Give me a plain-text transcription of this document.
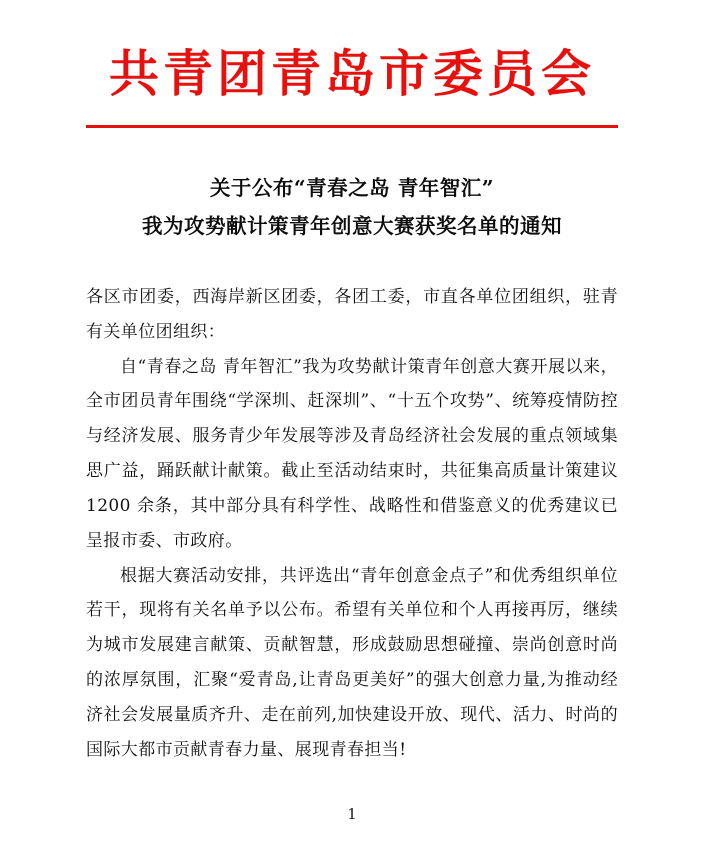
共青团青岛市委员会
关于公布“青春之岛 青年智汇”
我为攻势献计策青年创意大赛获奖名单的通知

各区市团委，西海岸新区团委，各团工委，市直各单位团组织，驻青有关单位团组织：

自“青春之岛 青年智汇”我为攻势献计策青年创意大赛开展以来，全市团员青年围绕“学深圳、赶深圳”、“十五个攻势”、统筹疫情防控与经济发展、服务青少年发展等涉及青岛经济社会发展的重点领域集思广益，踊跃献计献策。截止至活动结束时，共征集高质量计策建议 1200 余条，其中部分具有科学性、战略性和借鉴意义的优秀建议已呈报市委、市政府。

根据大赛活动安排，共评选出“青年创意金点子”和优秀组织单位若干，现将有关名单予以公布。希望有关单位和个人再接再厉，继续为城市发展建言献策、贡献智慧，形成鼓励思想碰撞、崇尚创意时尚的浓厚氛围，汇聚“爱青岛,让青岛更美好”的强大创意力量,为推动经济社会发展量质齐升、走在前列,加快建设开放、现代、活力、时尚的国际大都市贡献青春力量、展现青春担当!

1
